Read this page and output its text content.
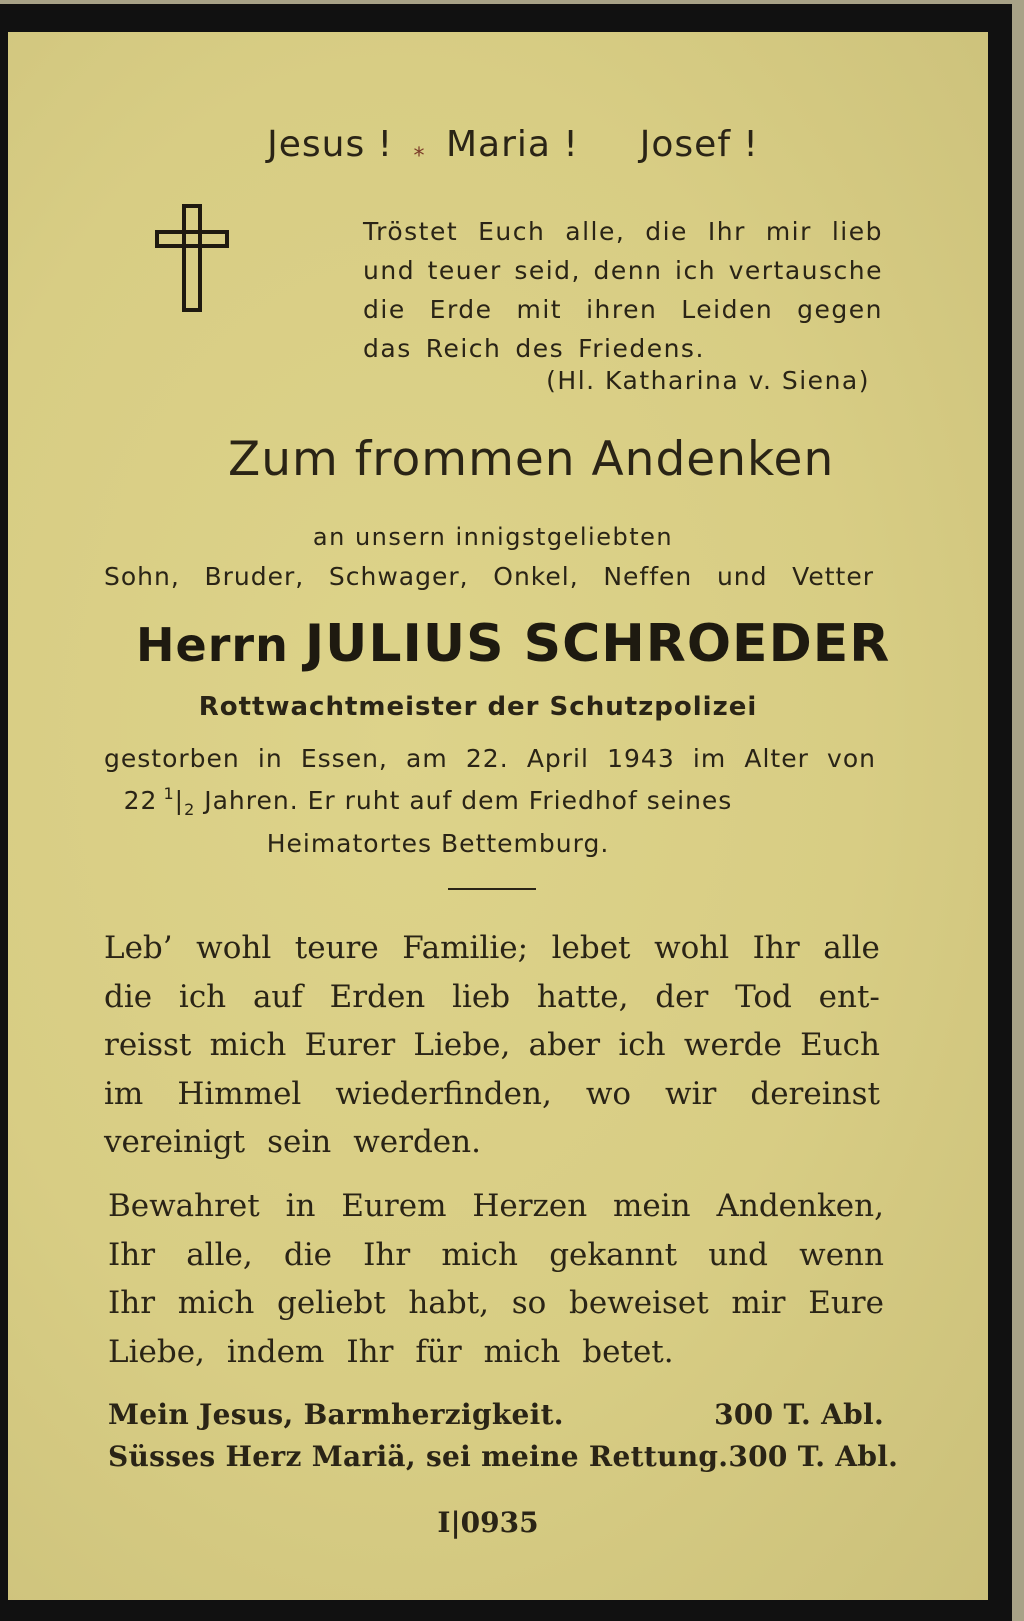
Jesus ! ⁎ Maria ! Josef !

Tröstet Euch alle, die Ihr mir lieb
und teuer seid, denn ich vertausche
die Erde mit ihren Leiden gegen
das Reich des Friedens.

(Hl. Katharina v. Siena)

Zum frommen Andenken

an unsern innigstgeliebten

Sohn, Bruder, Schwager, Onkel, Neffen und Vetter

Herrn JULIUS SCHROEDER

Rottwachtmeister der Schutzpolizei

gestorben in Essen, am 22. April 1943 im Alter von

22 $^1|_2$ Jahren. Er ruht auf dem Friedhof seines

Heimatortes Bettemburg.

Leb’ wohl teure Familie; lebet wohl Ihr alle
die ich auf Erden lieb hatte, der Tod ent-
reisst mich Eurer Liebe, aber ich werde Euch
im Himmel wiederfinden, wo wir dereinst
vereinigt sein werden.
Bewahret in Eurem Herzen mein Andenken,
Ihr alle, die Ihr mich gekannt und wenn
Ihr mich geliebt habt, so beweiset mir Eure
Liebe, indem Ihr für mich betet.
Mein Jesus, Barmherzigkeit.	300 T. Abl.
Süsses Herz Mariä, sei meine Rettung. 300 T. Abl.

I|0935
